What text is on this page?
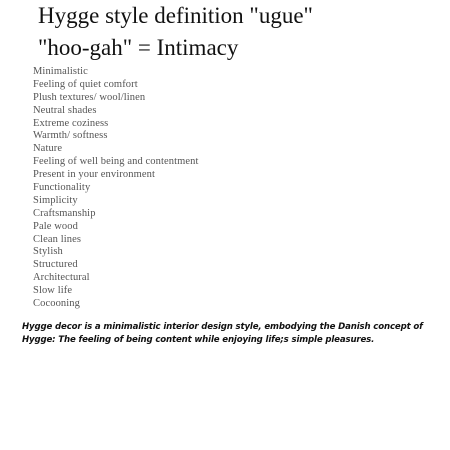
Hygge style definition "ugue"
"hoo-gah" = Intimacy
Minimalistic
Feeling of quiet comfort
Plush textures/ wool/linen
Neutral shades
Extreme coziness
Warmth/ softness
Nature
Feeling of well being and contentment
Present in your environment
Functionality
Simplicity
Craftsmanship
Pale wood
Clean lines
Stylish
Structured
Architectural
Slow life
Cocooning

Hygge decor is a minimalistic interior design style, embodying the Danish concept of Hygge: The feeling of being content while enjoying life;s simple pleasures.
